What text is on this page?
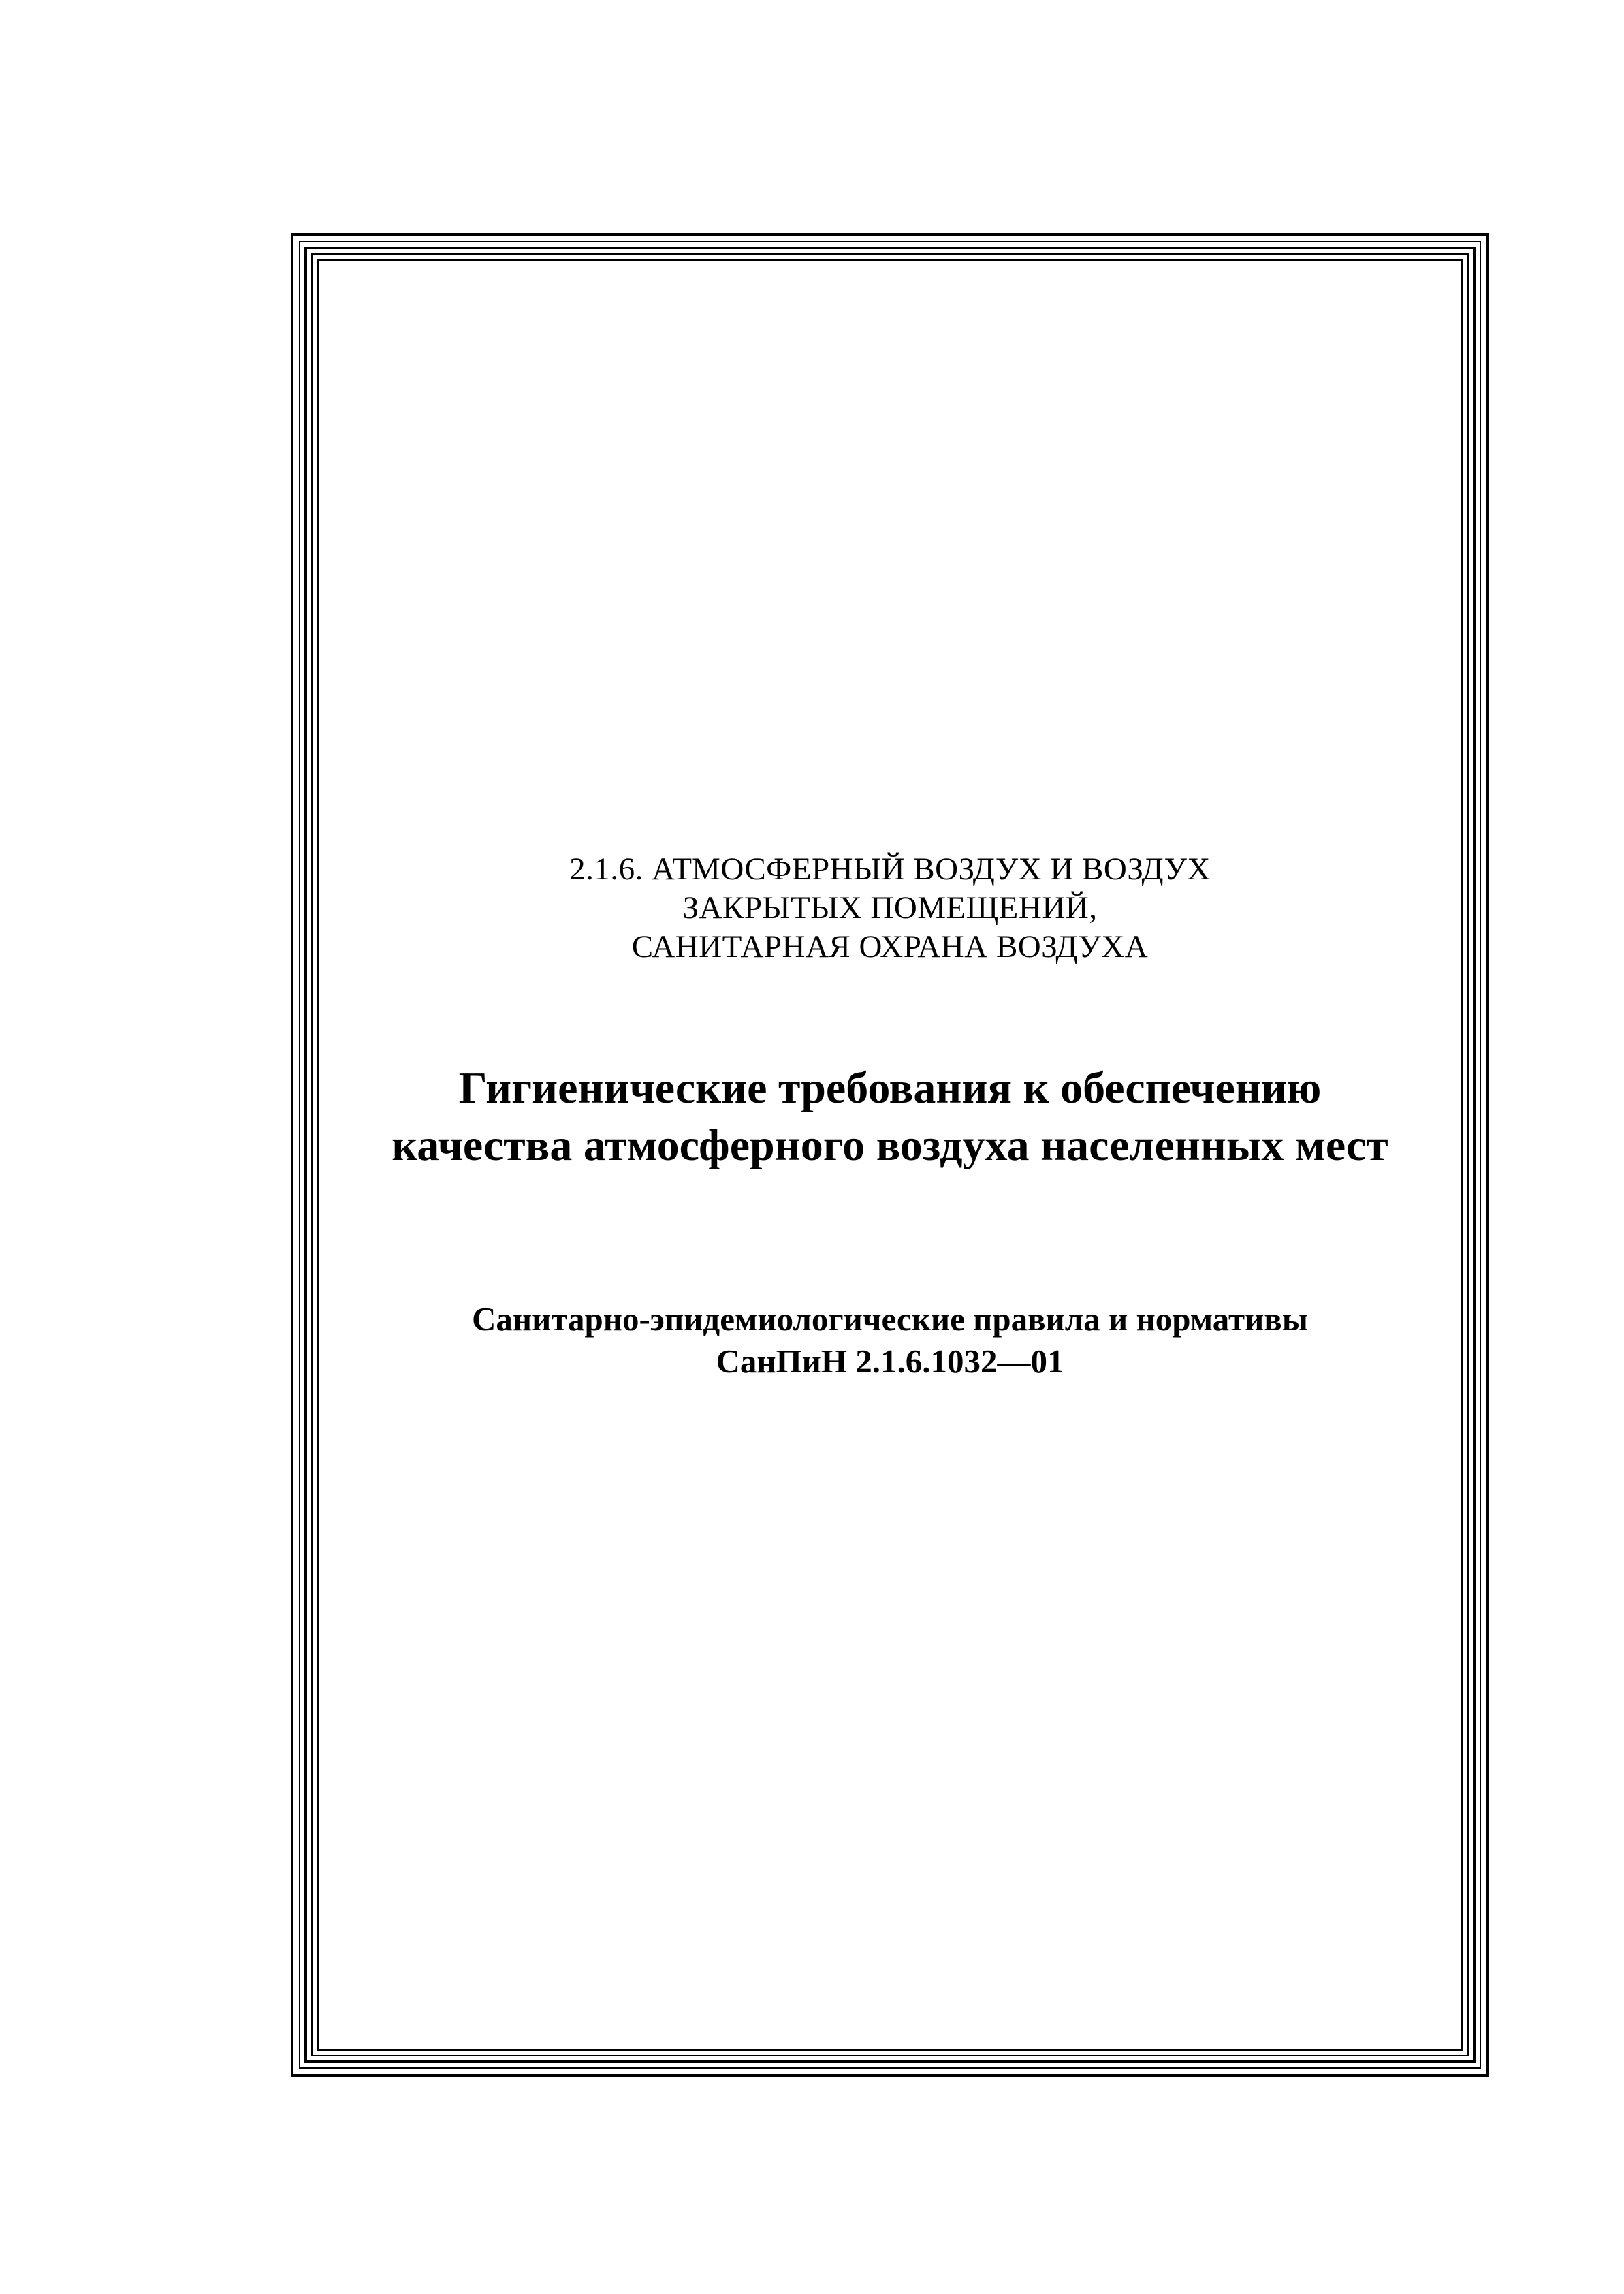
2.1.6. АТМОСФЕРНЫЙ ВОЗДУХ И ВОЗДУХ
ЗАКРЫТЫХ ПОМЕЩЕНИЙ,
САНИТАРНАЯ ОХРАНА ВОЗДУХА
Гигиенические требования к обеспечению
качества атмосферного воздуха населенных мест
Санитарно-эпидемиологические правила и нормативы
СанПиН 2.1.6.1032—01
